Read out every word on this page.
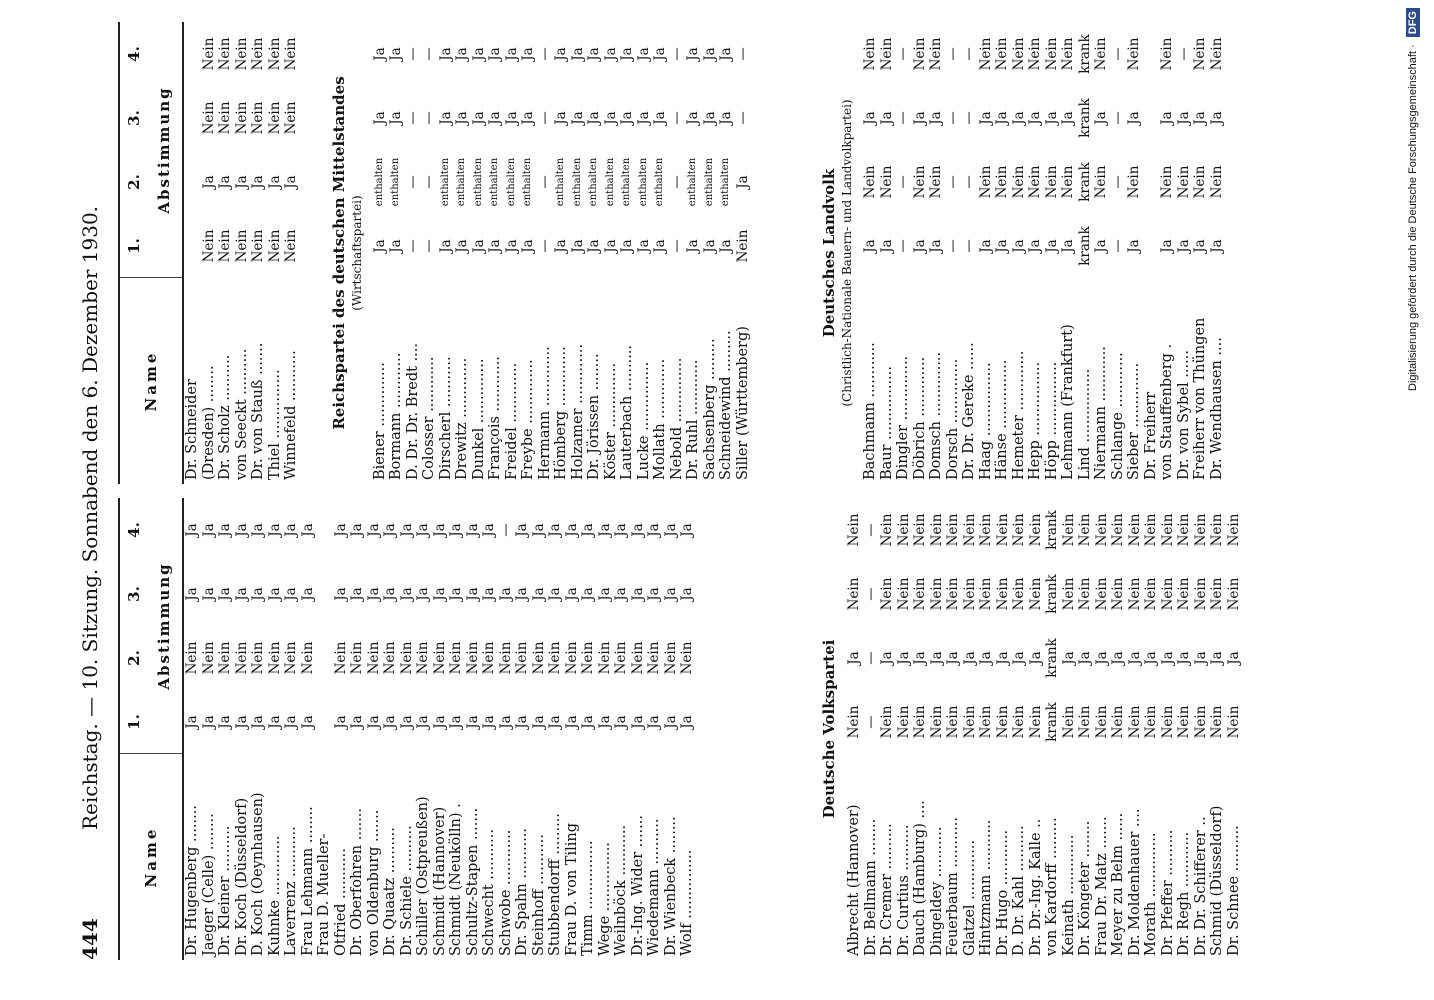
444
Reichstag. — 10. Sitzung. Sonnabend den 6. Dezember 1930.
Name
1.
2.
3.
4.
Abstimmung
Dr. Hugenberg ........
Ja
Nein
Ja
Ja
Jaeger (Celle) ........
Ja
Nein
Ja
Ja
Dr. Kleiner ..........
Ja
Nein
Ja
Ja
Dr. Koch (Düsseldorf)
Ja
Nein
Ja
Ja
D. Koch (Oeynhausen)
Ja
Nein
Ja
Ja
Kuhnke .............
Ja
Nein
Ja
Ja
Laverrenz ...........
Ja
Nein
Ja
Ja
Frau Lehmann ........
Ja
Nein
Ja
Ja
Frau D. Mueller- Otfried ...........
Ja
Nein
Ja
Ja
Dr. Oberfohren .......
Ja
Nein
Ja
Ja
von Oldenburg .......
Ja
Nein
Ja
Ja
Dr. Quaatz ..........
Ja
Nein
Ja
Ja
Dr. Schiele ..........
Ja
Nein
Ja
Ja
Schiller (Ostpreußen)
Ja
Nein
Ja
Ja
Schmidt (Hannover)
Ja
Nein
Ja
Ja
Schmidt (Neukölln) .
Ja
Nein
Ja
Ja
Schultz-Stapen .......
Ja
Nein
Ja
Ja
Schwecht ...........
Ja
Nein
Ja
Ja
Schwobe ............
Ja
Nein
Ja
—
Dr. Spahn ...........
Ja
Nein
Ja
Ja
Steinhoff ...........
Ja
Nein
Ja
Ja
Stubbendorff .........
Ja
Nein
Ja
Ja
Frau D. von Tiling
Ja
Nein
Ja
Ja
Timm ...............
Ja
Nein
Ja
Ja
Wege ...............
Ja
Nein
Ja
Ja
Weilnböck ...........
Ja
Nein
Ja
Ja
Dr.-Ing. Wider .......
Ja
Nein
Ja
Ja
Wiedemann ..........
Ja
Nein
Ja
Ja
Dr. Wienbeck ........
Ja
Nein
Ja
Ja
Wolf ...............
Ja
Nein
Ja
Ja
Name
1.
2.
3.
4.
Abstimmung
Dr. Schneider (Dresden) ........
Nein
Ja
Nein
Nein
Dr. Scholz ..........
Nein
Ja
Nein
Nein
von Seeckt ..........
Nein
Ja
Nein
Nein
Dr. von Stauß .......
Nein
Ja
Nein
Nein
Thiel ...............
Nein
Ja
Nein
Nein
Winnefeld ...........
Nein
Ja
Nein
Nein
Reichspartei des deutschen Mittelstandes (Wirtschaftspartei)
Biener ..............
Ja
enthalten
Ja
Ja
Bormann ............
Ja
enthalten
Ja
Ja
D. Dr. Dr. Bredt ....
—
—
—
—
Colosser ............
—
—
—
—
Dirscherl ...........
Ja
enthalten
Ja
Ja
Drewitz .............
Ja
enthalten
Ja
Ja
Dunkel ..............
Ja
enthalten
Ja
Ja
François ............
Ja
enthalten
Ja
Ja
Freidel .............
Ja
enthalten
Ja
Ja
Freybe ..............
Ja
enthalten
Ja
Ja
Hermann .............
—
—
—
—
Hömberg .............
Ja
enthalten
Ja
Ja
Holzamer .............
Ja
enthalten
Ja
Ja
Dr. Jörissen ........
Ja
enthalten
Ja
Ja
Köster ..............
Ja
enthalten
Ja
Ja
Lauterbach ..........
Ja
enthalten
Ja
Ja
Lucke ...............
Ja
enthalten
Ja
Ja
Mollath .............
Ja
enthalten
Ja
Ja
Nebold ..............
—
—
—
—
Dr. Ruhl ............
Ja
enthalten
Ja
Ja
Sachsenberg .........
Ja
enthalten
Ja
Ja
Schneidewind .........
Ja
enthalten
Ja
Ja
Siller (Württemberg)
Nein
Ja
—
—
Deutsche Volkspartei
Albrecht (Hannover)
Nein
Ja
Nein
Nein
Dr. Bellmann ........
—
—
—
—
Dr. Cremer ..........
Nein
Ja
Nein
Nein
Dr. Curtius ..........
Nein
Ja
Nein
Nein
Dauch (Hamburg) ....
Nein
Ja
Nein
Nein
Dingeldey ...........
Nein
Ja
Nein
Nein
Feuerbaum ...........
Nein
Ja
Nein
Nein
Glatzel .............
Nein
Ja
Nein
Nein
Hintzmann ...........
Nein
Ja
Nein
Nein
Dr. Hugo ............
Nein
Ja
Nein
Nein
D. Dr. Kahl ..........
Nein
Ja
Nein
Nein
Dr. Dr.-Ing. Kalle ..
Nein
Ja
Nein
Nein
von Kardorff .........
krank
krank
krank
krank
Keinath .............
Nein
Ja
Nein
Nein
Dr. Köngeter ........
Nein
Ja
Nein
Nein
Frau Dr. Matz .......
Nein
Ja
Nein
Nein
Meyer zu Belm ......
Nein
Ja
Nein
Nein
Dr. Moldenhauer ....
Nein
Ja
Nein
Nein
Morath ..............
Nein
Ja
Nein
Nein
Dr. Pfeffer ..........
Nein
Ja
Nein
Nein
Dr. Regh ............
Nein
Ja
Nein
Nein
Dr. Dr. Schifferer ..
Nein
Ja
Nein
Nein
Schmid (Düsseldorf)
Nein
Ja
Nein
Nein
Dr. Schnee ..........
Nein
Ja
Nein
Nein
Deutsches Landvolk (Christlich-Nationale Bauern- und Landvolkpartei)
Bachmann ............
Ja
Nein
Ja
Nein
Baur ................
Ja
Nein
Ja
Nein
Dingler ..............
—
—
—
—
Döbrich .............
Ja
Nein
Ja
Nein
Domsch ..............
Ja
Nein
Ja
Nein
Dorsch ..............
—
—
—
—
Dr. Dr. Gereke ......
—
—
—
—
Haag ................
Ja
Nein
Ja
Nein
Hänse ...............
Ja
Nein
Ja
Nein
Hemeter .............
Ja
Nein
Ja
Nein
Hepp ................
Ja
Nein
Ja
Nein
Höpp ................
Ja
Nein
Ja
Nein
Lehmann (Frankfurt)
Ja
Nein
Ja
Nein
Lind ................
krank
krank
krank
krank
Niermann ............
Ja
Nein
Ja
Nein
Schlange ............
—
—
—
—
Sieber ..............
Ja
Nein
Ja
Nein
Dr. Freiherr von Stauffenberg .
Ja
Nein
Ja
Nein
Dr. von Sybel ......
Ja
Nein
Ja
—
Freiherr von Thüngen
Ja
Nein
Ja
Nein
Dr. Wendhausen ....
Ja
Nein
Ja
Nein	Digitalisierung gefördert durch die Deutsche Forschungsgemeinschaft · DFG
